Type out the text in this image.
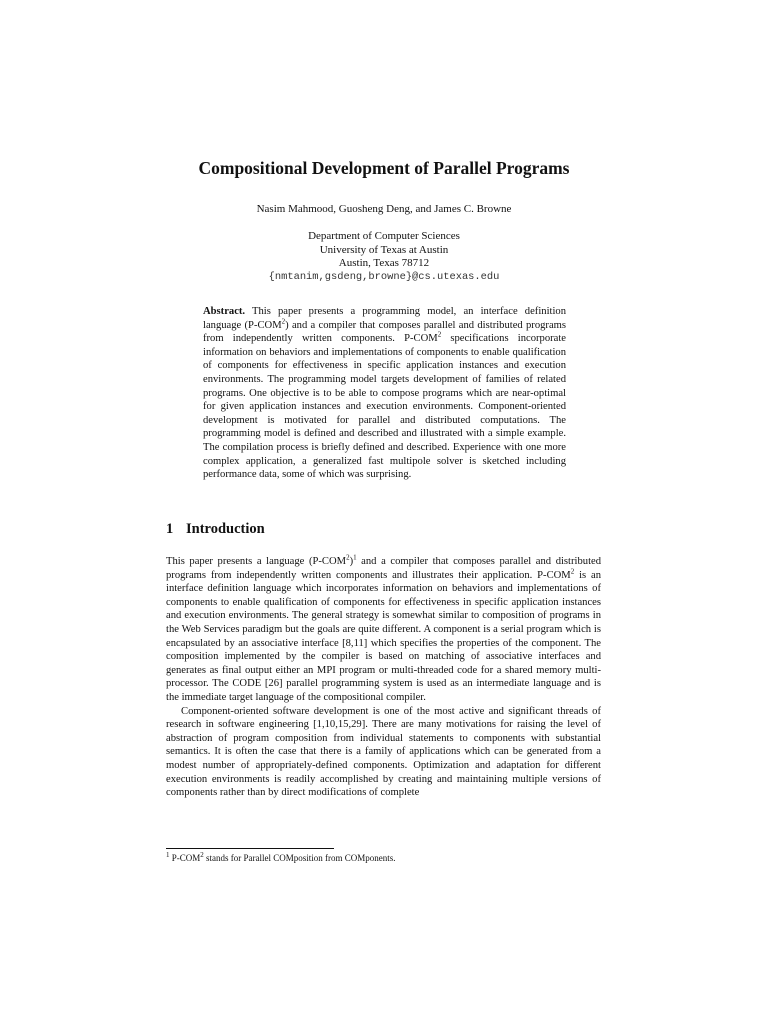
Compositional Development of Parallel Programs
Nasim Mahmood, Guosheng Deng, and James C. Browne
Department of Computer Sciences
University of Texas at Austin
Austin, Texas 78712
{nmtanim,gsdeng,browne}@cs.utexas.edu

Abstract. This paper presents a programming model, an interface definition language (P-COM$^2$) and a compiler that composes parallel and distributed programs from independently written components. P-COM$^2$ specifications incorporate information on behaviors and implementations of components to enable qualification of components for effectiveness in specific application instances and execution environments. The programming model targets development of families of related programs. One objective is to be able to compose programs which are near-optimal for given application instances and execution environments. Component-oriented development is motivated for parallel and distributed computations. The programming model is defined and described and illustrated with a simple example. The compilation process is briefly defined and described. Experience with one more complex application, a generalized fast multipole solver is sketched including performance data, some of which was surprising.

1 Introduction

This paper presents a language $(P-COM^2)^1$ and a compiler that composes parallel and distributed programs from independently written components and illustrates their application. P-COM$^2$ is an interface definition language which incorporates information on behaviors and implementations of components to enable qualification of components for effectiveness in specific application instances and execution environments. The general strategy is somewhat similar to composition of programs in the Web Services paradigm but the goals are quite different. A component is a serial program which is encapsulated by an associative interface [8,11] which specifies the properties of the component. The composition implemented by the compiler is based on matching of associative interfaces and generates as final output either an MPI program or multi-threaded code for a shared memory multi-processor. The CODE [26] parallel programming system is used as an intermediate language and is the immediate target language of the compositional compiler.

Component-oriented software development is one of the most active and significant threads of research in software engineering [1,10,15,29]. There are many motivations for raising the level of abstraction of program composition from individual statements to components with substantial semantics. It is often the case that there is a family of applications which can be generated from a modest number of appropriately-defined components. Optimization and adaptation for different execution environments is readily accomplished by creating and maintaining multiple versions of components rather than by direct modifications of complete

$^1$ P-COM$^2$ stands for Parallel COMposition from COMponents.
